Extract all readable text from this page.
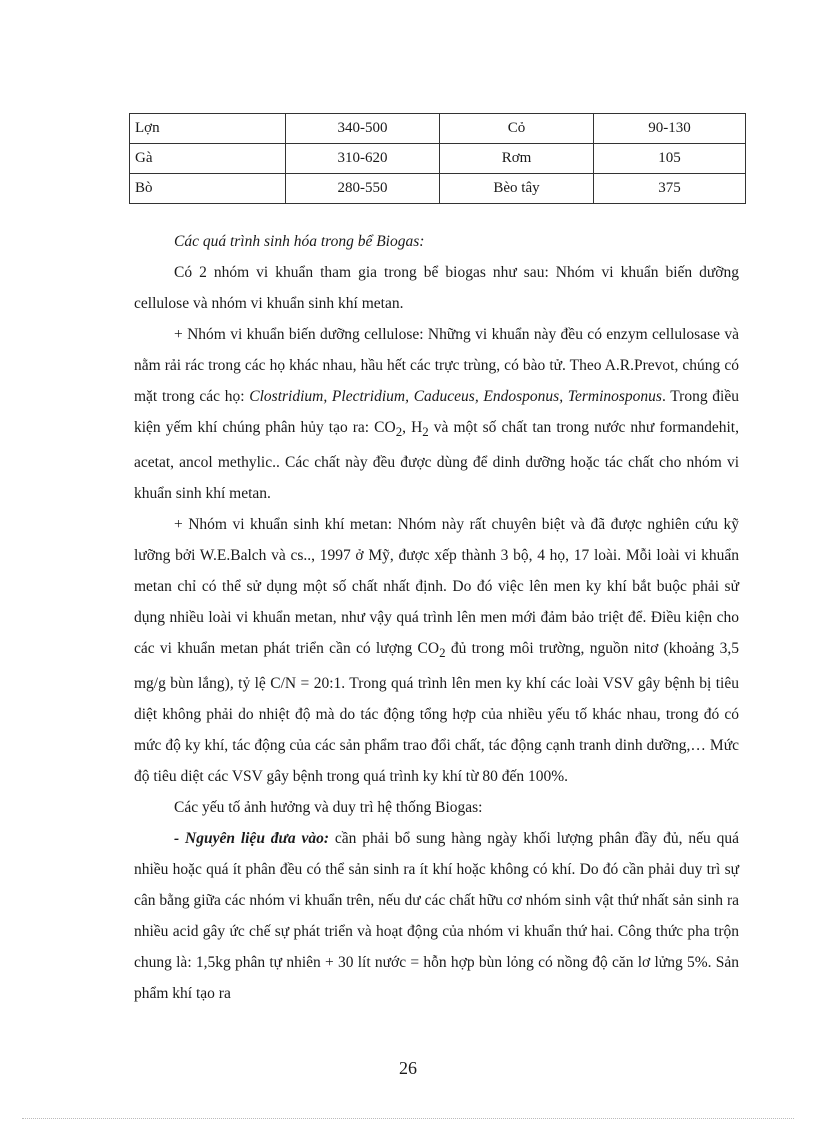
Lợn	340-500	Cỏ	90-130
Gà	310-620	Rơm	105
Bò	280-550	Bèo tây	375

Các quá trình sinh hóa trong bể Biogas:

Có 2 nhóm vi khuẩn tham gia trong bể biogas như sau: Nhóm vi khuẩn biến dưỡng cellulose và nhóm vi khuẩn sinh khí metan.

+ Nhóm vi khuẩn biến dưỡng cellulose: Những vi khuẩn này đều có enzym cellulosase và nằm rải rác trong các họ khác nhau, hầu hết các trực trùng, có bào tử. Theo A.R.Prevot, chúng có mặt trong các họ: Clostridium, Plectridium, Caduceus, Endosponus, Terminosponus. Trong điều kiện yếm khí chúng phân hủy tạo ra: $CO_2$, $H_2$ và một số chất tan trong nước như formandehit, acetat, ancol methylic.. Các chất này đều được dùng để dinh dưỡng hoặc tác chất cho nhóm vi khuẩn sinh khí metan.

+ Nhóm vi khuẩn sinh khí metan: Nhóm này rất chuyên biệt và đã được nghiên cứu kỹ lưỡng bởi W.E.Balch và cs.., 1997 ở Mỹ, được xếp thành 3 bộ, 4 họ, 17 loài. Mỗi loài vi khuẩn metan chỉ có thể sử dụng một số chất nhất định. Do đó việc lên men ky khí bắt buộc phải sử dụng nhiều loài vi khuẩn metan, như vậy quá trình lên men mới đảm bảo triệt để. Điều kiện cho các vi khuẩn metan phát triển cần có lượng $CO_2$ đủ trong môi trường, nguồn nitơ (khoảng 3,5 mg/g bùn lắng), tỷ lệ C/N = 20:1. Trong quá trình lên men ky khí các loài VSV gây bệnh bị tiêu diệt không phải do nhiệt độ mà do tác động tổng hợp của nhiều yếu tố khác nhau, trong đó có mức độ ky khí, tác động của các sản phẩm trao đổi chất, tác động cạnh tranh dinh dưỡng,… Mức độ tiêu diệt các VSV gây bệnh trong quá trình ky khí từ 80 đến 100%.

Các yếu tố ảnh hưởng và duy trì hệ thống Biogas:

- Nguyên liệu đưa vào: cần phải bổ sung hàng ngày khối lượng phân đầy đủ, nếu quá nhiều hoặc quá ít phân đều có thể sản sinh ra ít khí hoặc không có khí. Do đó cần phải duy trì sự cân bằng giữa các nhóm vi khuẩn trên, nếu dư các chất hữu cơ nhóm sinh vật thứ nhất sản sinh ra nhiều acid gây ức chế sự phát triển và hoạt động của nhóm vi khuẩn thứ hai. Công thức pha trộn chung là: 1,5kg phân tự nhiên + 30 lít nước = hỗn hợp bùn lỏng có nồng độ căn lơ lửng 5%. Sản phẩm khí tạo ra

26
